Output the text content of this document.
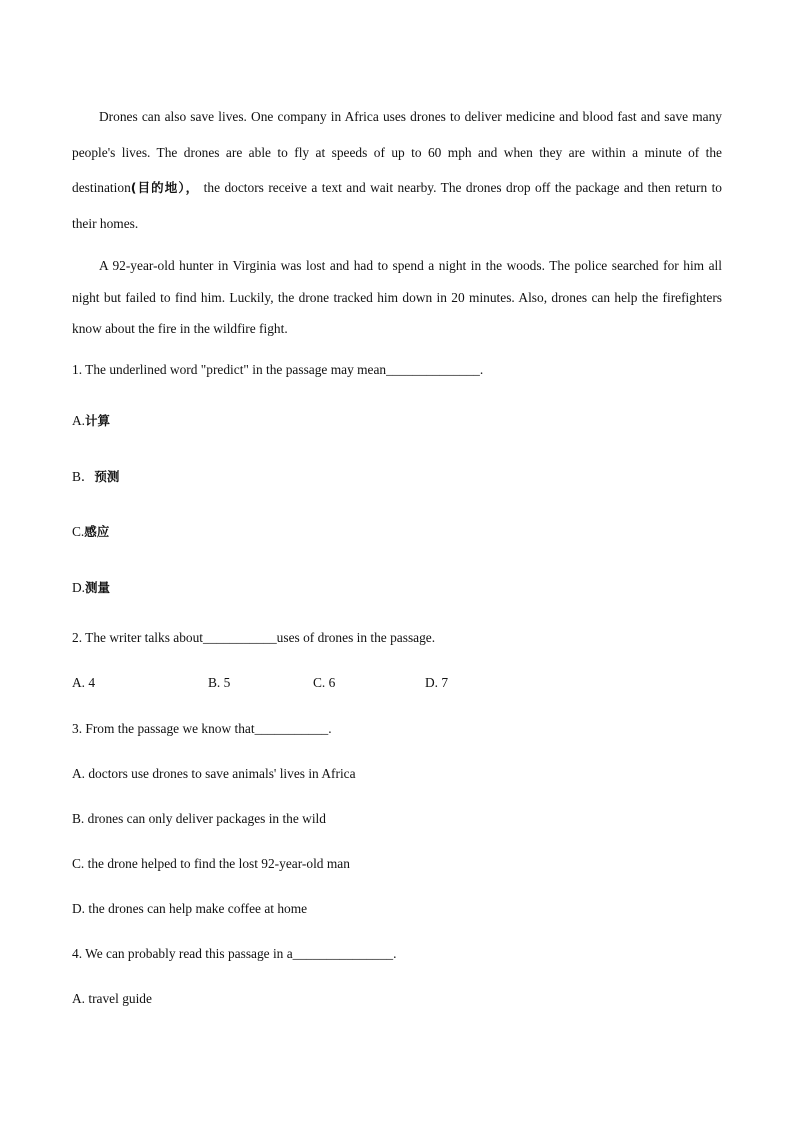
Drones can also save lives. One company in Africa uses drones to deliver medicine and blood fast and save many people's lives. The drones are able to fly at speeds of up to 60 mph and when they are within a minute of the destination(目的地）， the doctors receive a text and wait nearby. The drones drop off the package and then return to their homes.
A 92-year-old hunter in Virginia was lost and had to spend a night in the woods. The police searched for him all night but failed to find him. Luckily, the drone tracked him down in 20 minutes. Also, drones can help the firefighters know about the fire in the wildfire fight.
1. The underlined word "predict" in the passage may mean______________.
A.计算
B．预测
C.感应
D.测量
2. The writer talks about___________uses of drones in the passage.
A. 4	B. 5	C. 6	D. 7
3. From the passage we know that___________.
A. doctors use drones to save animals' lives in Africa
B. drones can only deliver packages in the wild
C. the drone helped to find the lost 92-year-old man
D. the drones can help make coffee at home
4. We can probably read this passage in a_______________.
A. travel guide
